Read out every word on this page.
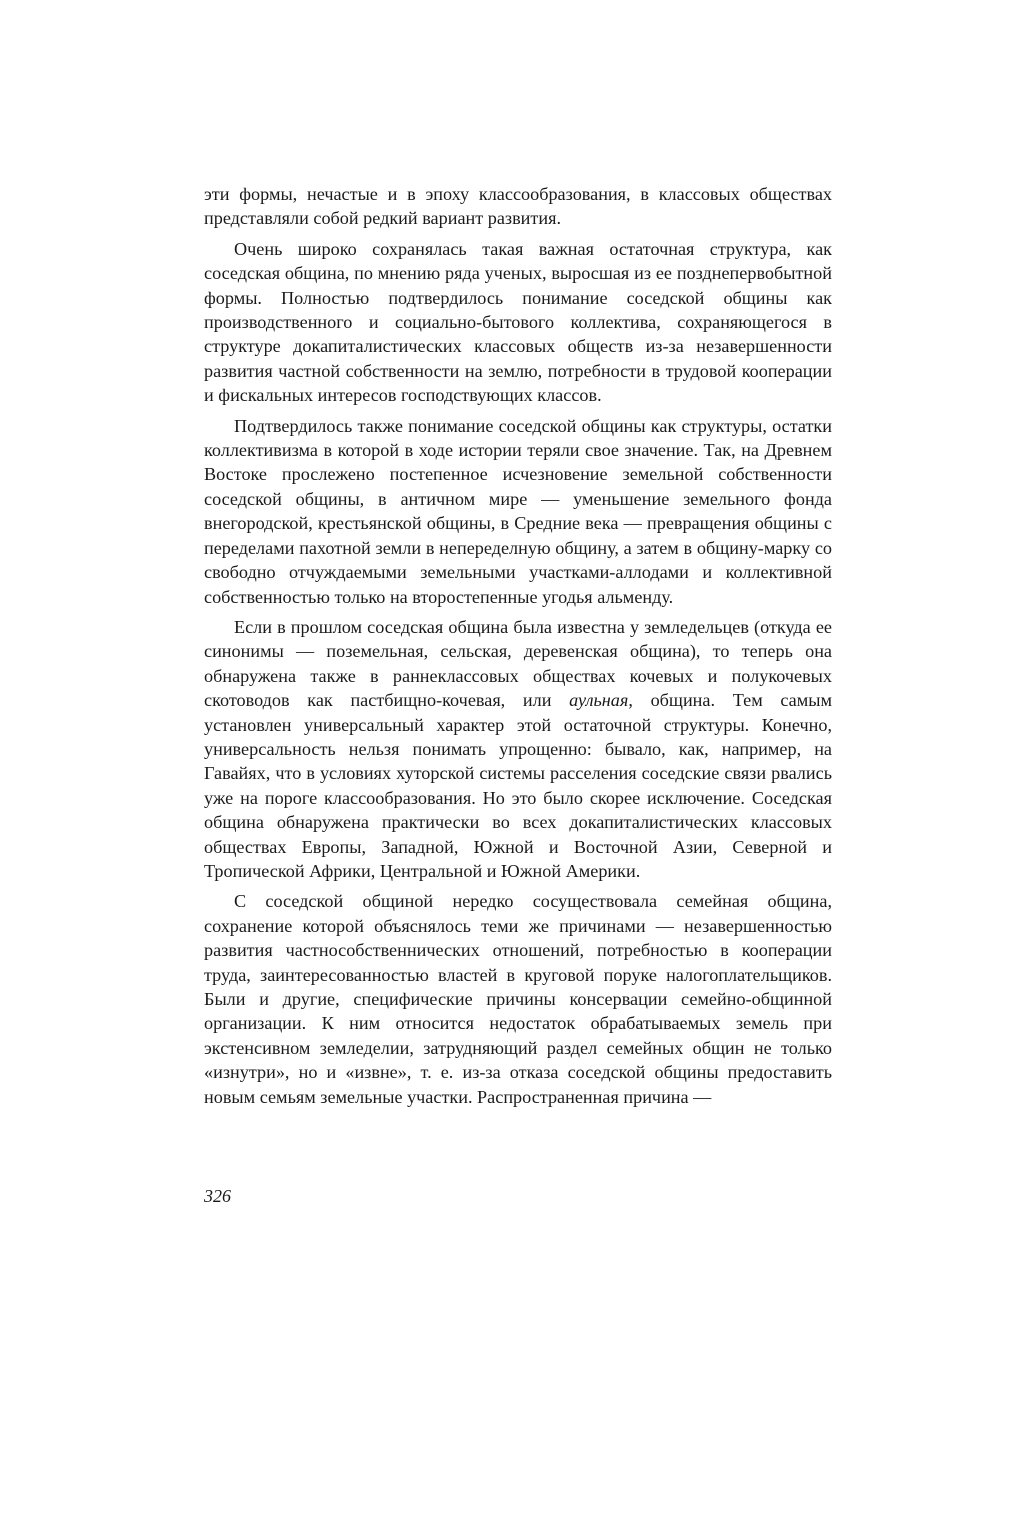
эти формы, нечастые и в эпоху классообразования, в классовых обществах представляли собой редкий вариант развития.

Очень широко сохранялась такая важная остаточная структура, как соседская община, по мнению ряда ученых, выросшая из ее позднепервобытной формы. Полностью подтвердилось понимание соседской общины как производственного и социально-бытового коллектива, сохраняющегося в структуре докапиталистических классовых обществ из-за незавершенности развития частной собственности на землю, потребности в трудовой кооперации и фискальных интересов господствующих классов.

Подтвердилось также понимание соседской общины как структуры, остатки коллективизма в которой в ходе истории теряли свое значение. Так, на Древнем Востоке прослежено постепенное исчезновение земельной собственности соседской общины, в античном мире — уменьшение земельного фонда внегородской, крестьянской общины, в Средние века — превращения общины с переделами пахотной земли в непеределную общину, а затем в общину-марку со свободно отчуждаемыми земельными участками-аллодами и коллективной собственностью только на второстепенные угодья альменду.

Если в прошлом соседская община была известна у земледельцев (откуда ее синонимы — поземельная, сельская, деревенская община), то теперь она обнаружена также в раннеклассовых обществах кочевых и полукочевых скотоводов как пастбищно-кочевая, или аульная, община. Тем самым установлен универсальный характер этой остаточной структуры. Конечно, универсальность нельзя понимать упрощенно: бывало, как, например, на Гавайях, что в условиях хуторской системы расселения соседские связи рвались уже на пороге классообразования. Но это было скорее исключение. Соседская община обнаружена практически во всех докапиталистических классовых обществах Европы, Западной, Южной и Восточной Азии, Северной и Тропической Африки, Центральной и Южной Америки.

С соседской общиной нередко сосуществовала семейная община, сохранение которой объяснялось теми же причинами — незавершенностью развития частнособственнических отношений, потребностью в кооперации труда, заинтересованностью властей в круговой поруке налогоплательщиков. Были и другие, специфические причины консервации семейно-общинной организации. К ним относится недостаток обрабатываемых земель при экстенсивном земледелии, затрудняющий раздел семейных общин не только «изнутри», но и «извне», т. е. из-за отказа соседской общины предоставить новым семьям земельные участки. Распространенная причина —

326
